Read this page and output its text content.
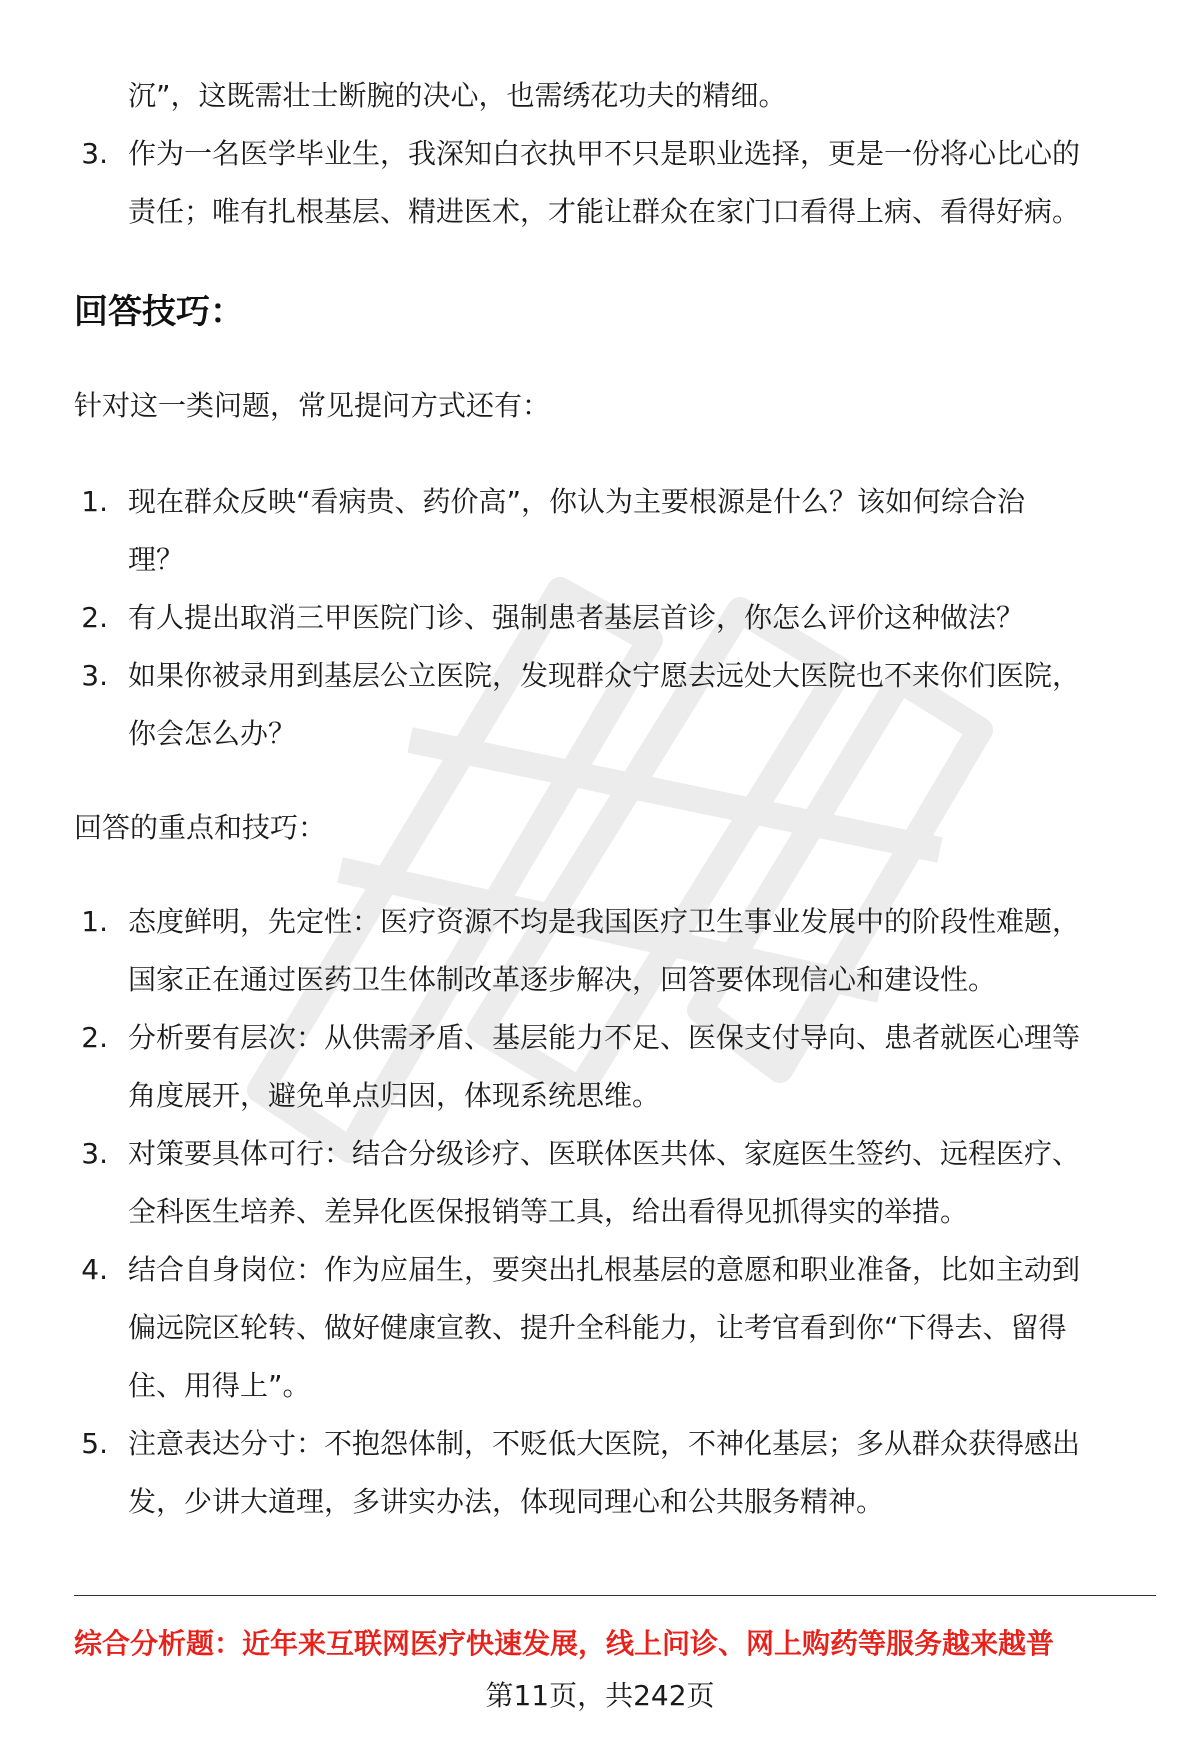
沉”，这既需壮士断腕的决心，也需绣花功夫的精细。
3. 作为一名医学毕业生，我深知白衣执甲不只是职业选择，更是一份将心比心的
责任；唯有扎根基层、精进医术，才能让群众在家门口看得上病、看得好病。
回答技巧：
针对这一类问题，常见提问方式还有：
1. 现在群众反映“看病贵、药价高”，你认为主要根源是什么？该如何综合治
理？
2. 有人提出取消三甲医院门诊、强制患者基层首诊，你怎么评价这种做法？
3. 如果你被录用到基层公立医院，发现群众宁愿去远处大医院也不来你们医院，
你会怎么办？
回答的重点和技巧：
1. 态度鲜明，先定性：医疗资源不均是我国医疗卫生事业发展中的阶段性难题，
国家正在通过医药卫生体制改革逐步解决，回答要体现信心和建设性。
2. 分析要有层次：从供需矛盾、基层能力不足、医保支付导向、患者就医心理等
角度展开，避免单点归因，体现系统思维。
3. 对策要具体可行：结合分级诊疗、医联体医共体、家庭医生签约、远程医疗、
全科医生培养、差异化医保报销等工具，给出看得见抓得实的举措。
4. 结合自身岗位：作为应届生，要突出扎根基层的意愿和职业准备，比如主动到
偏远院区轮转、做好健康宣教、提升全科能力，让考官看到你“下得去、留得
住、用得上”。
5. 注意表达分寸：不抱怨体制，不贬低大医院，不神化基层；多从群众获得感出
发，少讲大道理，多讲实办法，体现同理心和公共服务精神。
综合分析题：近年来互联网医疗快速发展，线上问诊、网上购药等服务越来越普
第11页，共242页
